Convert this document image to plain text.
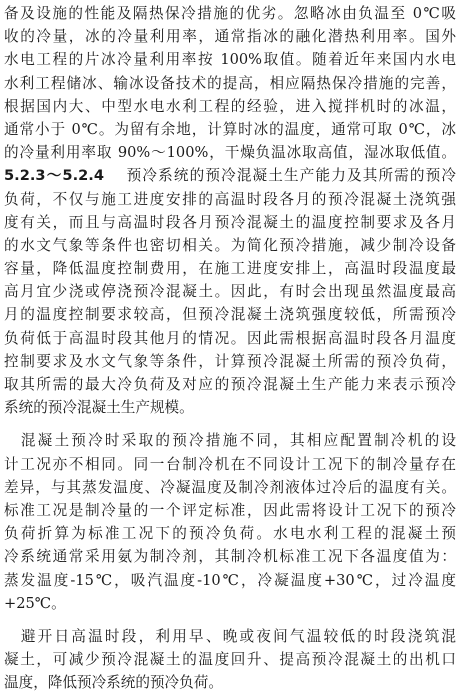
备及设施的性能及隔热保冷措施的优劣。忽略冰由负温至 0℃吸
收的冷量，冰的冷量利用率，通常指冰的融化潜热利用率。国外
水电工程的片冰冷量利用率按 100%取值。随着近年来国内水电
水利工程储冰、输冰设备技术的提高，相应隔热保冷措施的完善，
根据国内大、中型水电水利工程的经验，进入搅拌机时的冰温，
通常小于 0℃。为留有余地，计算时冰的温度，通常可取 0℃，冰
的冷量利用率取 90%～100%，干燥负温冰取高值，湿冰取低值。
5.2.3～5.2.4　 预冷系统的预冷混凝土生产能力及其所需的预冷
负荷，不仅与施工进度安排的高温时段各月的预冷混凝土浇筑强
度有关，而且与高温时段各月预冷混凝土的温度控制要求及各月
的水文气象等条件也密切相关。为简化预冷措施，减少制冷设备
容量，降低温度控制费用，在施工进度安排上，高温时段温度最
高月宜少浇或停浇预冷混凝土。因此，有时会出现虽然温度最高
月的温度控制要求较高，但预冷混凝土浇筑强度较低，所需预冷
负荷低于高温时段其他月的情况。因此需根据高温时段各月温度
控制要求及水文气象等条件，计算预冷混凝土所需的预冷负荷，
取其所需的最大冷负荷及对应的预冷混凝土生产能力来表示预冷
系统的预冷混凝土生产规模。
　混凝土预冷时采取的预冷措施不同，其相应配置制冷机的设
计工况亦不相同。同一台制冷机在不同设计工况下的制冷量存在
差异，与其蒸发温度、冷凝温度及制冷剂液体过冷后的温度有关。
标准工况是制冷量的一个评定标准，因此需将设计工况下的预冷
负荷折算为标准工况下的预冷负荷。水电水利工程的混凝土预
冷系统通常采用氨为制冷剂，其制冷机标准工况下各温度值为：
蒸发温度-15℃，吸汽温度-10℃，冷凝温度+30℃，过冷温度
+25℃。
　避开日高温时段，利用早、晚或夜间气温较低的时段浇筑混
凝土，可减少预冷混凝土的温度回升、提高预冷混凝土的出机口
温度，降低预冷系统的预冷负荷。
